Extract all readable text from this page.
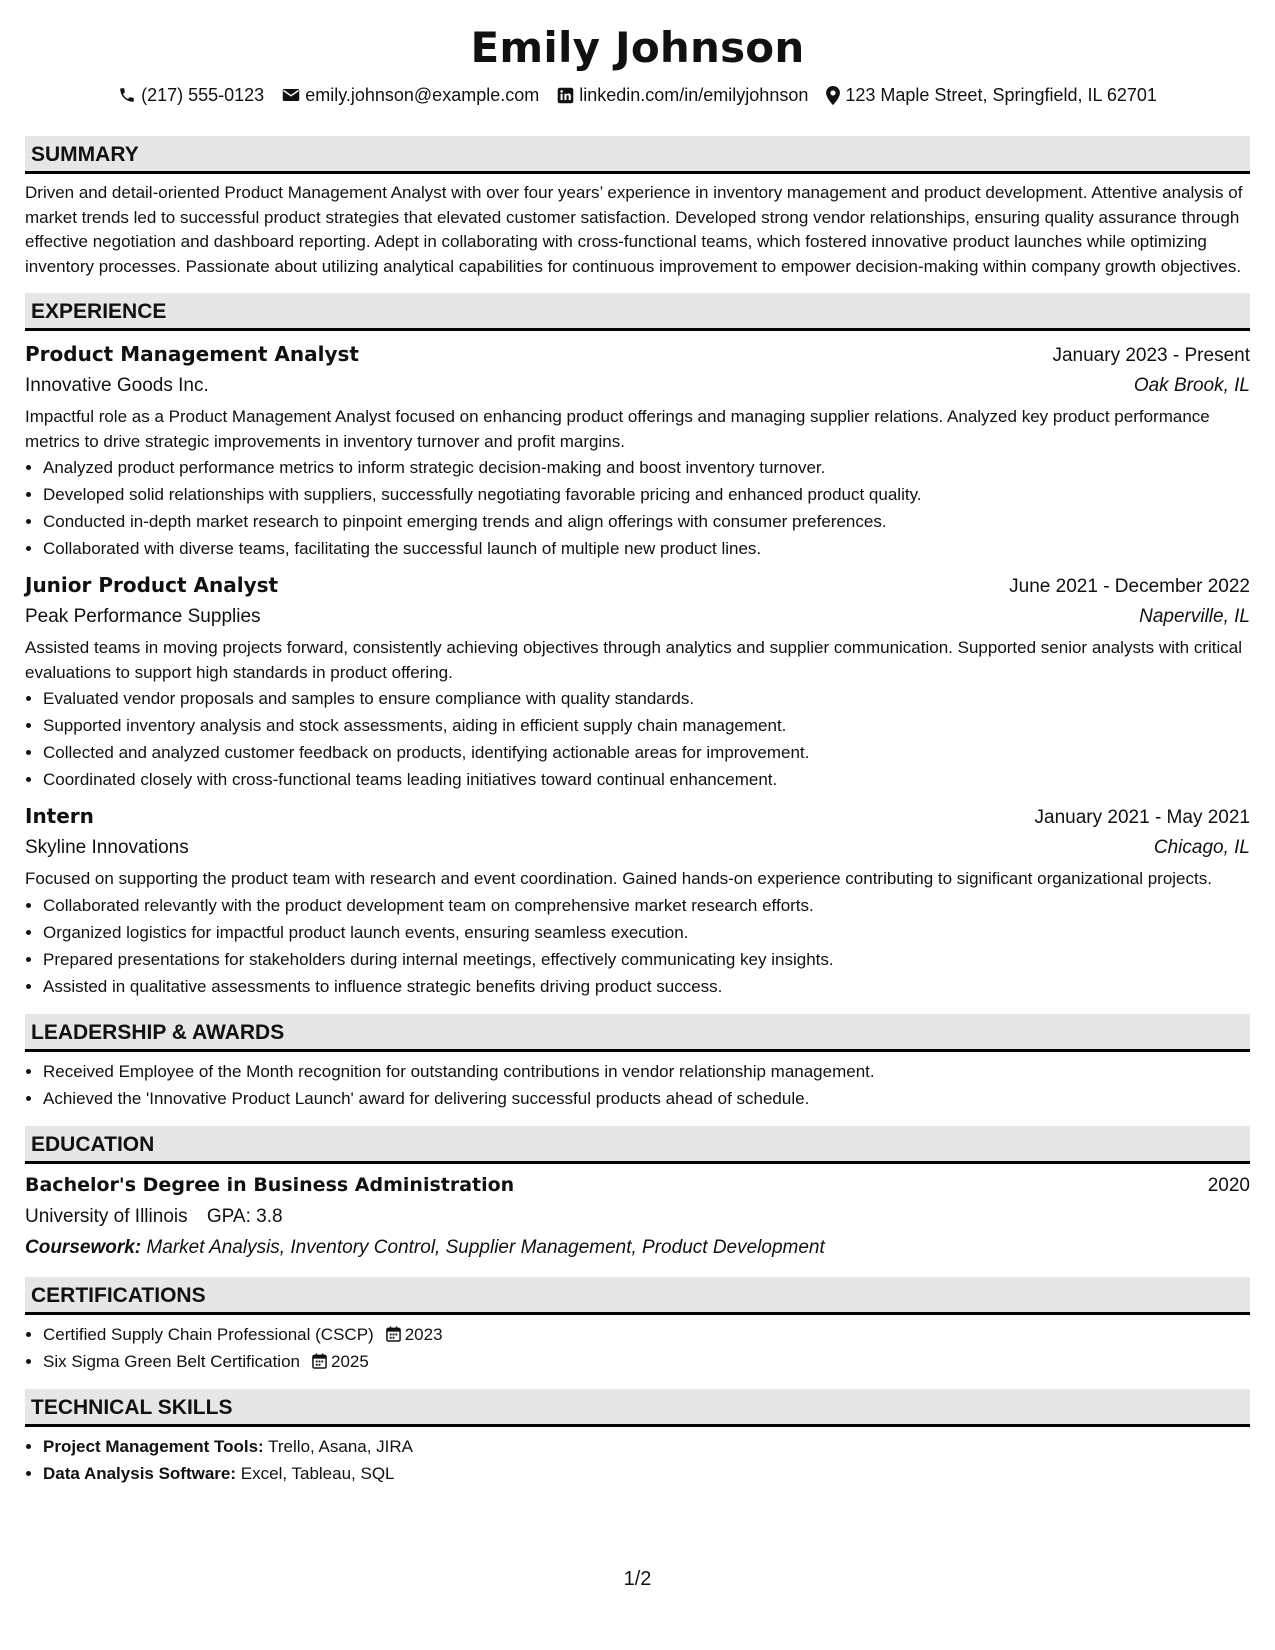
Emily Johnson
(217) 555-0123 emily.johnson@example.com linkedin.com/in/emilyjohnson 123 Maple Street, Springfield, IL 62701
SUMMARY

Driven and detail-oriented Product Management Analyst with over four years’ experience in inventory management and product development. Attentive analysis of market trends led to successful product strategies that elevated customer satisfaction. Developed strong vendor relationships, ensuring quality assurance through effective negotiation and dashboard reporting. Adept in collaborating with cross-functional teams, which fostered innovative product launches while optimizing inventory processes. Passionate about utilizing analytical capabilities for continuous improvement to empower decision-making within company growth objectives.

EXPERIENCE
Product Management Analyst	January 2023 - Present
Innovative Goods Inc.	Oak Brook, IL
Impactful role as a Product Management Analyst focused on enhancing product offerings and managing supplier relations. Analyzed key product performance metrics to drive strategic improvements in inventory turnover and profit margins.
• Analyzed product performance metrics to inform strategic decision-making and boost inventory turnover.
• Developed solid relationships with suppliers, successfully negotiating favorable pricing and enhanced product quality.
• Conducted in-depth market research to pinpoint emerging trends and align offerings with consumer preferences.
• Collaborated with diverse teams, facilitating the successful launch of multiple new product lines.
Junior Product Analyst	June 2021 - December 2022
Peak Performance Supplies	Naperville, IL
Assisted teams in moving projects forward, consistently achieving objectives through analytics and supplier communication. Supported senior analysts with critical evaluations to support high standards in product offering.
• Evaluated vendor proposals and samples to ensure compliance with quality standards.
• Supported inventory analysis and stock assessments, aiding in efficient supply chain management.
• Collected and analyzed customer feedback on products, identifying actionable areas for improvement.
• Coordinated closely with cross-functional teams leading initiatives toward continual enhancement.
Intern	January 2021 - May 2021
Skyline Innovations	Chicago, IL
Focused on supporting the product team with research and event coordination. Gained hands-on experience contributing to significant organizational projects.
• Collaborated relevantly with the product development team on comprehensive market research efforts.
• Organized logistics for impactful product launch events, ensuring seamless execution.
• Prepared presentations for stakeholders during internal meetings, effectively communicating key insights.
• Assisted in qualitative assessments to influence strategic benefits driving product success.
LEADERSHIP & AWARDS
• Received Employee of the Month recognition for outstanding contributions in vendor relationship management.
• Achieved the 'Innovative Product Launch' award for delivering successful products ahead of schedule.
EDUCATION
Bachelor's Degree in Business Administration	2020
University of Illinois GPA: 3.8
Coursework: Market Analysis, Inventory Control, Supplier Management, Product Development
CERTIFICATIONS
• Certified Supply Chain Professional (CSCP) 2023
• Six Sigma Green Belt Certification 2025
TECHNICAL SKILLS
• Project Management Tools: Trello, Asana, JIRA
• Data Analysis Software: Excel, Tableau, SQL
1/2
